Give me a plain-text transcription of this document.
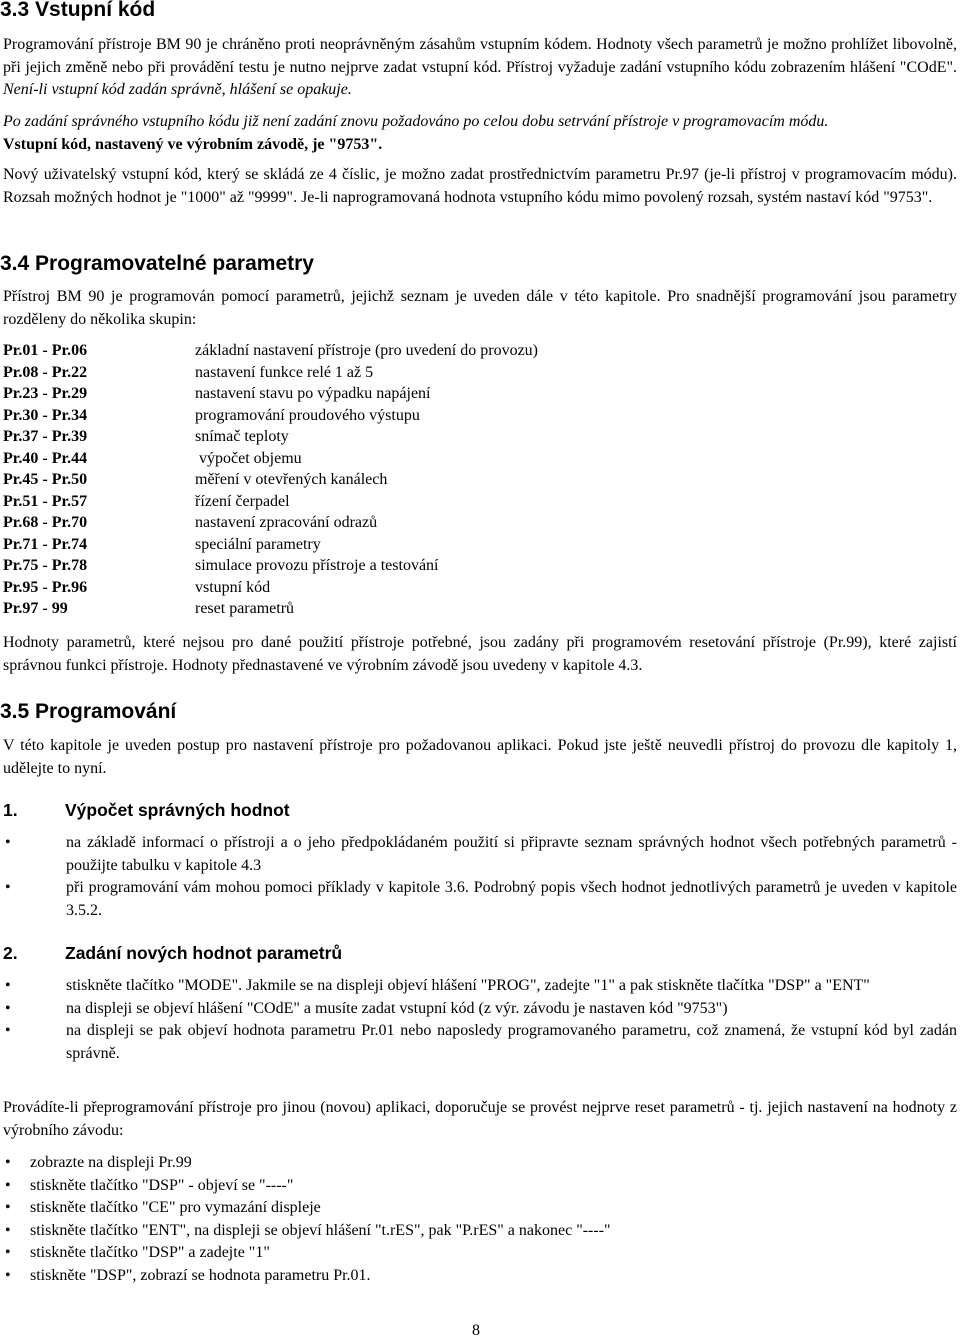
3.3 Vstupní kód

Programování přístroje BM 90 je chráněno proti neoprávněným zásahům vstupním kódem. Hodnoty všech parametrů je možno prohlížet libovolně, při jejich změně nebo při provádění testu je nutno nejprve zadat vstupní kód. Přístroj vyžaduje zadání vstupního kódu zobrazením hlášení "COdE". Není-li vstupní kód zadán správně, hlášení se opakuje.

Po zadání správného vstupního kódu již není zadání znovu požadováno po celou dobu setrvání přístroje v programovacím módu.
Vstupní kód, nastavený ve výrobním závodě, je "9753".

Nový uživatelský vstupní kód, který se skládá ze 4 číslic, je možno zadat prostřednictvím parametru Pr.97 (je-li přístroj v programovacím módu). Rozsah možných hodnot je "1000" až "9999". Je-li naprogramovaná hodnota vstupního kódu mimo povolený rozsah, systém nastaví kód "9753".

3.4 Programovatelné parametry

Přístroj BM 90 je programován pomocí parametrů, jejichž seznam je uveden dále v této kapitole. Pro snadnější programování jsou parametry rozděleny do několika skupin:

Pr.01 - Pr.06	základní nastavení přístroje (pro uvedení do provozu)
Pr.08 - Pr.22	nastavení funkce relé 1 až 5
Pr.23 - Pr.29	nastavení stavu po výpadku napájení
Pr.30 - Pr.34	programování proudového výstupu
Pr.37 - Pr.39	snímač teploty
Pr.40 - Pr.44	výpočet objemu
Pr.45 - Pr.50	měření v otevřených kanálech
Pr.51 - Pr.57	řízení čerpadel
Pr.68 - Pr.70	nastavení zpracování odrazů
Pr.71 - Pr.74	speciální parametry
Pr.75 - Pr.78	simulace provozu přístroje a testování
Pr.95 - Pr.96	vstupní kód
Pr.97 - 99	reset parametrů

Hodnoty parametrů, které nejsou pro dané použití přístroje potřebné, jsou zadány při programovém resetování přístroje (Pr.99), které zajistí správnou funkci přístroje. Hodnoty přednastavené ve výrobním závodě jsou uvedeny v kapitole 4.3.

3.5 Programování

V této kapitole je uveden postup pro nastavení přístroje pro požadovanou aplikaci. Pokud jste ještě neuvedli přístroj do provozu dle kapitoly 1, udělejte to nyní.

1.	Výpočet správných hodnot
•	na základě informací o přístroji a o jeho předpokládaném použití si připravte seznam správných hodnot všech potřebných parametrů - použijte tabulku v kapitole 4.3
•	při programování vám mohou pomoci příklady v kapitole 3.6. Podrobný popis všech hodnot jednotlivých parametrů je uveden v kapitole 3.5.2.
2.	Zadání nových hodnot parametrů
•	stiskněte tlačítko "MODE". Jakmile se na displeji objeví hlášení "PROG", zadejte "1" a pak stiskněte tlačítka "DSP" a "ENT"
•	na displeji se objeví hlášení "COdE" a musíte zadat vstupní kód (z výr. závodu je nastaven kód "9753")
•	na displeji se pak objeví hodnota parametru Pr.01 nebo naposledy programovaného parametru, což znamená, že vstupní kód byl zadán správně.

Provádíte-li přeprogramování přístroje pro jinou (novou) aplikaci, doporučuje se provést nejprve reset parametrů - tj. jejich nastavení na hodnoty z výrobního závodu:

• zobrazte na displeji Pr.99
• stiskněte tlačítko "DSP" - objeví se "----"
• stiskněte tlačítko "CE" pro vymazání displeje
• stiskněte tlačítko "ENT", na displeji se objeví hlášení "t.rES", pak "P.rES" a nakonec "----"
• stiskněte tlačítko "DSP" a zadejte "1"
• stiskněte "DSP", zobrazí se hodnota parametru Pr.01.
8
